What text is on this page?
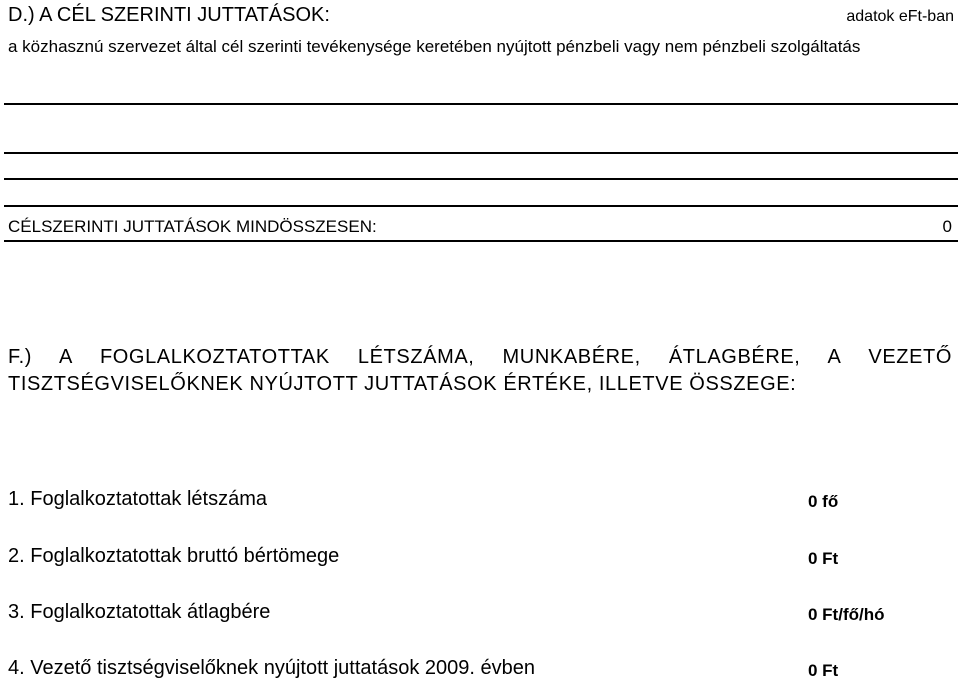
D.) A CÉL SZERINTI JUTTATÁSOK:	adatok eFt-ban
a közhasznú szervezet által cél szerinti tevékenysége keretében nyújtott pénzbeli vagy nem pénzbeli szolgáltatás
CÉLSZERINTI JUTTATÁSOK MINDÖSSZESEN:	0
F.) A FOGLALKOZTATOTTAK LÉTSZÁMA, MUNKABÉRE, ÁTLAGBÉRE, A VEZETŐ TISZTSÉGVISELŐKNEK NYÚJTOTT JUTTATÁSOK ÉRTÉKE, ILLETVE ÖSSZEGE:
1. Foglalkoztatottak létszáma	0 fő
2. Foglalkoztatottak bruttó bértömege	0 Ft
3. Foglalkoztatottak átlagbére	0 Ft/fő/hó
4. Vezető tisztségviselőknek nyújtott juttatások 2009. évben	0 Ft
